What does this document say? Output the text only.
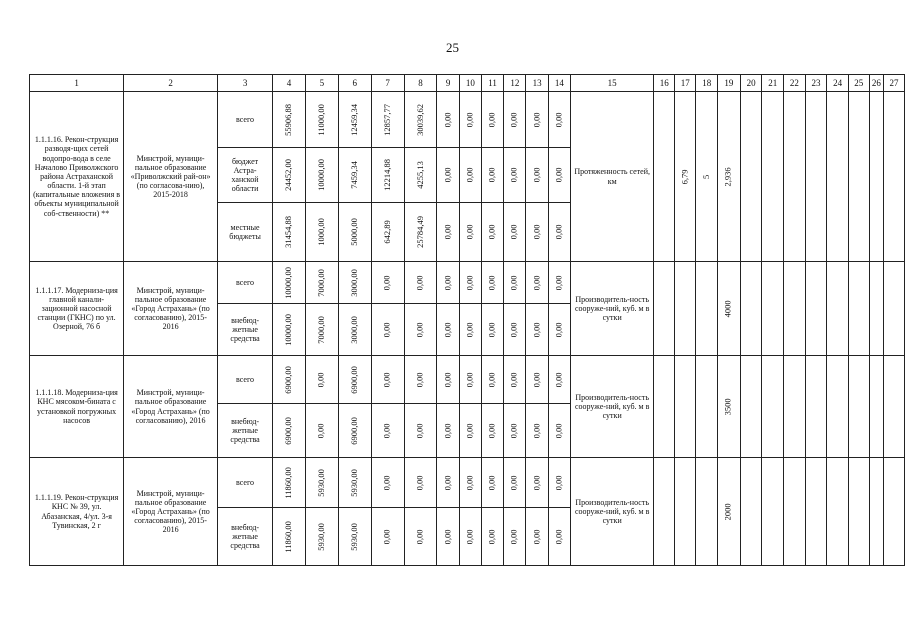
25
1	2	3	4	5	6	7	8	9	10	11	12	13	14	15	16	17	18	19	20	21	22	23	24	25	26	27
1.1.1.16. Рекон-струкция разводя-щих сетей водопро-вода в селе Началово Приволжского района Астраханской области. 1-й этап (капитальные вложения в объекты муниципальной соб-ственности) **	Минстрой, муници-пальное образование «Приволжский рай-он» (по согласова-нию), 2015-2018	всего	55906,88	11000,00	12459,34	12857,77	30039,62	0,00	0,00	0,00	0,00	0,00	0,00	Протяженность сетей, км		6,79	5	2,936								
		бюджет Астра-ханской области	24452,00	10000,00	7459,34	12214,88	4255,13	0,00	0,00	0,00	0,00	0,00	0,00													
		местные бюджеты	31454,88	1000,00	5000,00	642,89	25784,49	0,00	0,00	0,00	0,00	0,00	0,00													
1.1.1.17. Модерниза-ция главной канали-зационной насосной станции (ГКНС) по ул. Озерной, 76 б	Минстрой, муници-пальное образование «Город Астрахань» (по согласованию), 2015-2016	всего	10000,00	7000,00	3000,00	0,00	0,00	0,00	0,00	0,00	0,00	0,00	0,00	Производитель-ность сооруже-ний, куб. м в сутки				4000								
		внебюд-жетные средства	10000,00	7000,00	3000,00	0,00	0,00	0,00	0,00	0,00	0,00	0,00	0,00													
1.1.1.18. Модерниза-ция КНС мясоком-бината с установкой погружных насосов	Минстрой, муници-пальное образование «Город Астрахань» (по согласованию), 2016	всего	6900,00	0,00	6900,00	0,00	0,00	0,00	0,00	0,00	0,00	0,00	0,00	Производитель-ность сооруже-ний, куб. м в сутки				3500								
		внебюд-жетные средства	6900,00	0,00	6900,00	0,00	0,00	0,00	0,00	0,00	0,00	0,00	0,00													
1.1.1.19. Рекон-струкция КНС № 39, ул. Абазанская, 4/ул. 3-я Тувинская, 2 г	Минстрой, муници-пальное образование «Город Астрахань» (по согласованию), 2015-2016	всего	11860,00	5930,00	5930,00	0,00	0,00	0,00	0,00	0,00	0,00	0,00	0,00	Производитель-ность сооруже-ний, куб. м в сутки				2000								
		внебюд-жетные средства	11860,00	5930,00	5930,00	0,00	0,00	0,00	0,00	0,00	0,00	0,00	0,00													
